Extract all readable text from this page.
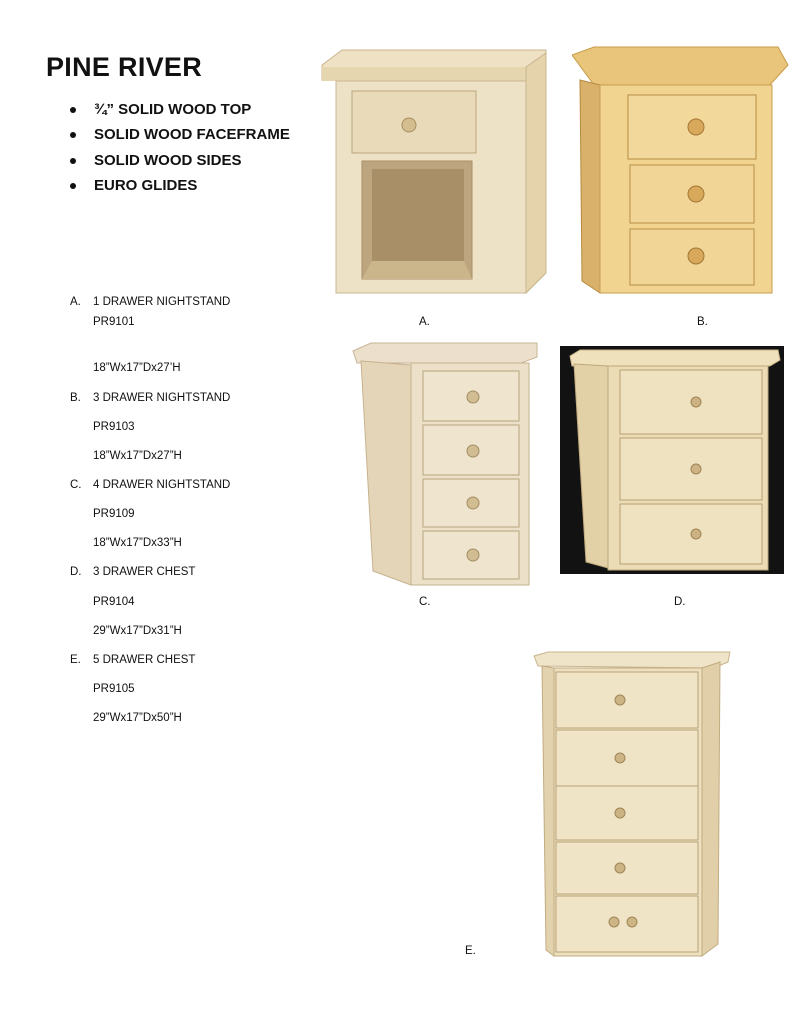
PINE RIVER
¾” SOLID WOOD TOP
SOLID WOOD FACEFRAME
SOLID WOOD SIDES
EURO GLIDES
A. 1 DRAWER NIGHTSTAND
PR9101
18”Wx17”Dx27’H
B. 3 DRAWER NIGHTSTAND
PR9103
18”Wx17”Dx27”H
C. 4 DRAWER NIGHTSTAND
PR9109
18”Wx17”Dx33”H
D. 3 DRAWER CHEST
PR9104
29”Wx17”Dx31”H
E. 5 DRAWER CHEST
PR9105
29”Wx17”Dx50”H
A.	B.
C.	D.
E.
